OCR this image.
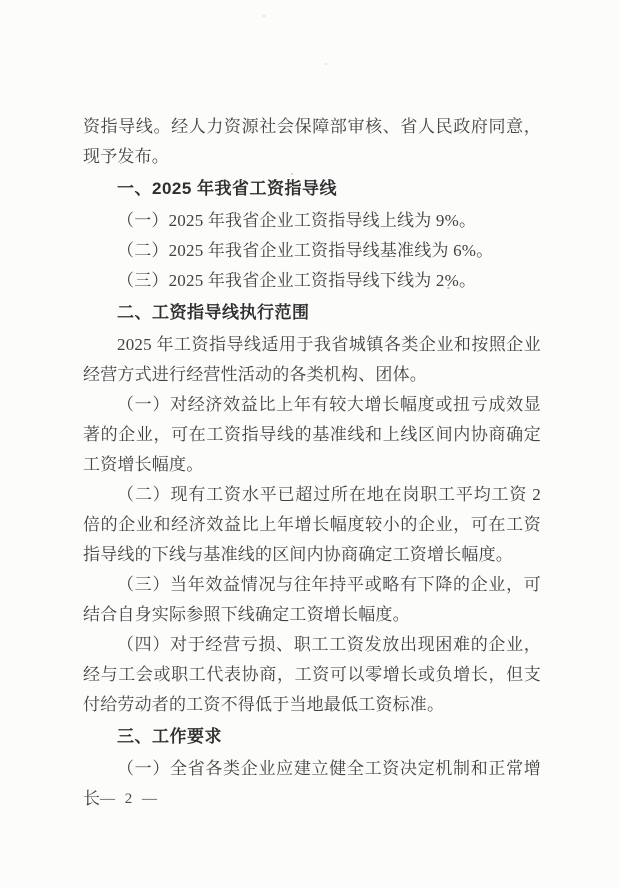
资指导线。经人力资源社会保障部审核、省人民政府同意，现予发布。

一、2025 年我省工资指导线

（一）2025 年我省企业工资指导线上线为 9%。

（二）2025 年我省企业工资指导线基准线为 6%。

（三）2025 年我省企业工资指导线下线为 2%。

二、工资指导线执行范围

2025 年工资指导线适用于我省城镇各类企业和按照企业经营方式进行经营性活动的各类机构、团体。

（一）对经济效益比上年有较大增长幅度或扭亏成效显著的企业，可在工资指导线的基准线和上线区间内协商确定工资增长幅度。

（二）现有工资水平已超过所在地在岗职工平均工资 2 倍的企业和经济效益比上年增长幅度较小的企业，可在工资指导线的下线与基准线的区间内协商确定工资增长幅度。

（三）当年效益情况与往年持平或略有下降的企业，可结合自身实际参照下线确定工资增长幅度。

（四）对于经营亏损、职工工资发放出现困难的企业，经与工会或职工代表协商，工资可以零增长或负增长，但支付给劳动者的工资不得低于当地最低工资标准。

三、工作要求

（一）全省各类企业应建立健全工资决定机制和正常增长 — 2 —
